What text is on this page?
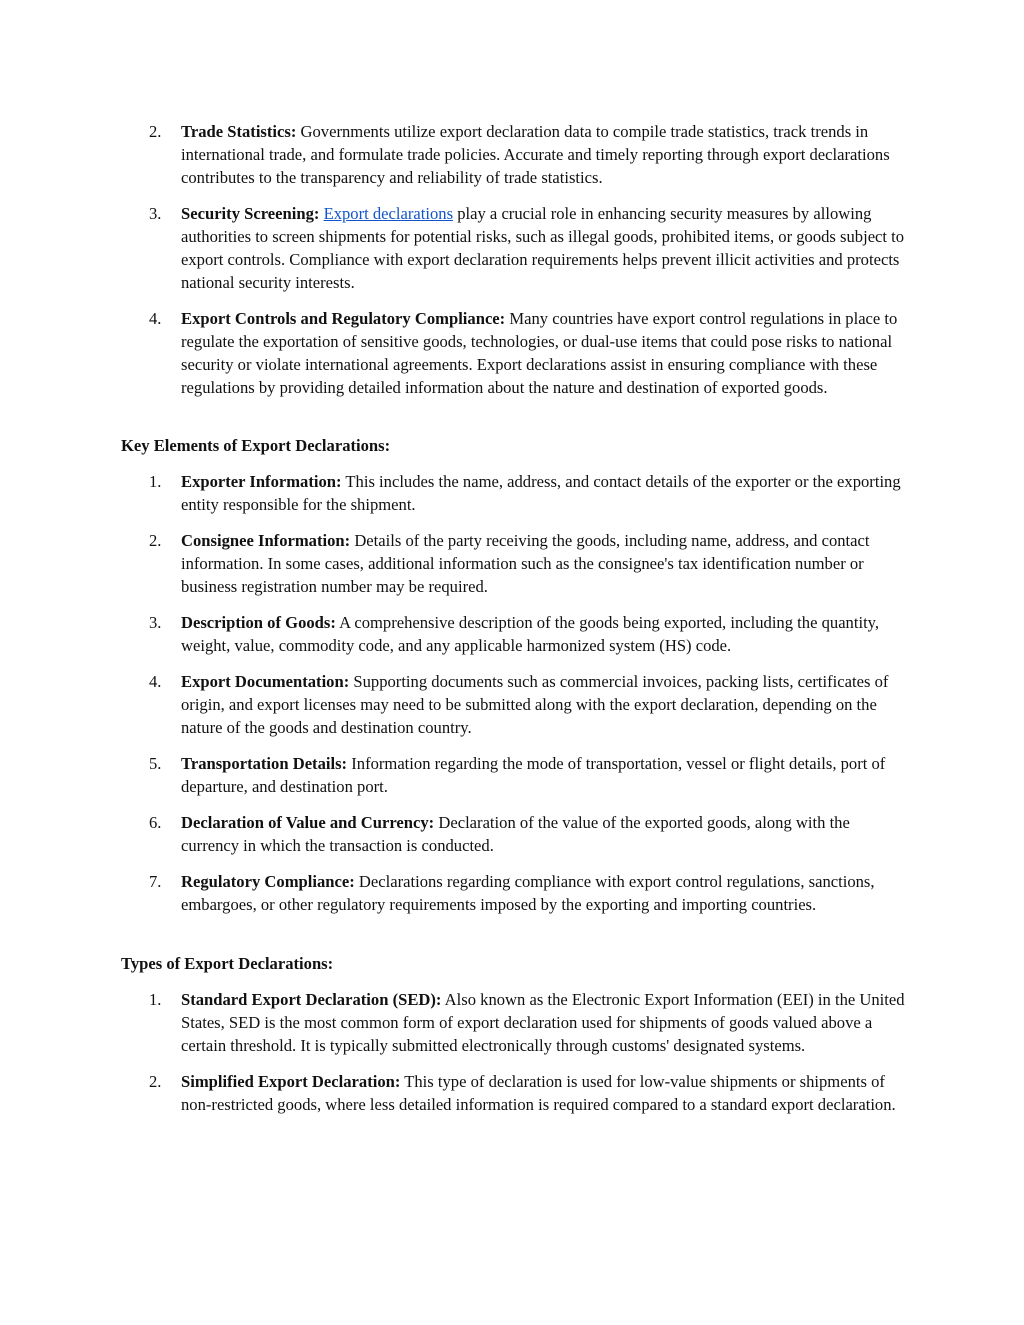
2. Trade Statistics: Governments utilize export declaration data to compile trade statistics, track trends in international trade, and formulate trade policies. Accurate and timely reporting through export declarations contributes to the transparency and reliability of trade statistics.
3. Security Screening: Export declarations play a crucial role in enhancing security measures by allowing authorities to screen shipments for potential risks, such as illegal goods, prohibited items, or goods subject to export controls. Compliance with export declaration requirements helps prevent illicit activities and protects national security interests.
4. Export Controls and Regulatory Compliance: Many countries have export control regulations in place to regulate the exportation of sensitive goods, technologies, or dual-use items that could pose risks to national security or violate international agreements. Export declarations assist in ensuring compliance with these regulations by providing detailed information about the nature and destination of exported goods.
Key Elements of Export Declarations:
1. Exporter Information: This includes the name, address, and contact details of the exporter or the exporting entity responsible for the shipment.
2. Consignee Information: Details of the party receiving the goods, including name, address, and contact information. In some cases, additional information such as the consignee's tax identification number or business registration number may be required.
3. Description of Goods: A comprehensive description of the goods being exported, including the quantity, weight, value, commodity code, and any applicable harmonized system (HS) code.
4. Export Documentation: Supporting documents such as commercial invoices, packing lists, certificates of origin, and export licenses may need to be submitted along with the export declaration, depending on the nature of the goods and destination country.
5. Transportation Details: Information regarding the mode of transportation, vessel or flight details, port of departure, and destination port.
6. Declaration of Value and Currency: Declaration of the value of the exported goods, along with the currency in which the transaction is conducted.
7. Regulatory Compliance: Declarations regarding compliance with export control regulations, sanctions, embargoes, or other regulatory requirements imposed by the exporting and importing countries.
Types of Export Declarations:
1. Standard Export Declaration (SED): Also known as the Electronic Export Information (EEI) in the United States, SED is the most common form of export declaration used for shipments of goods valued above a certain threshold. It is typically submitted electronically through customs' designated systems.
2. Simplified Export Declaration: This type of declaration is used for low-value shipments or shipments of non-restricted goods, where less detailed information is required compared to a standard export declaration.
